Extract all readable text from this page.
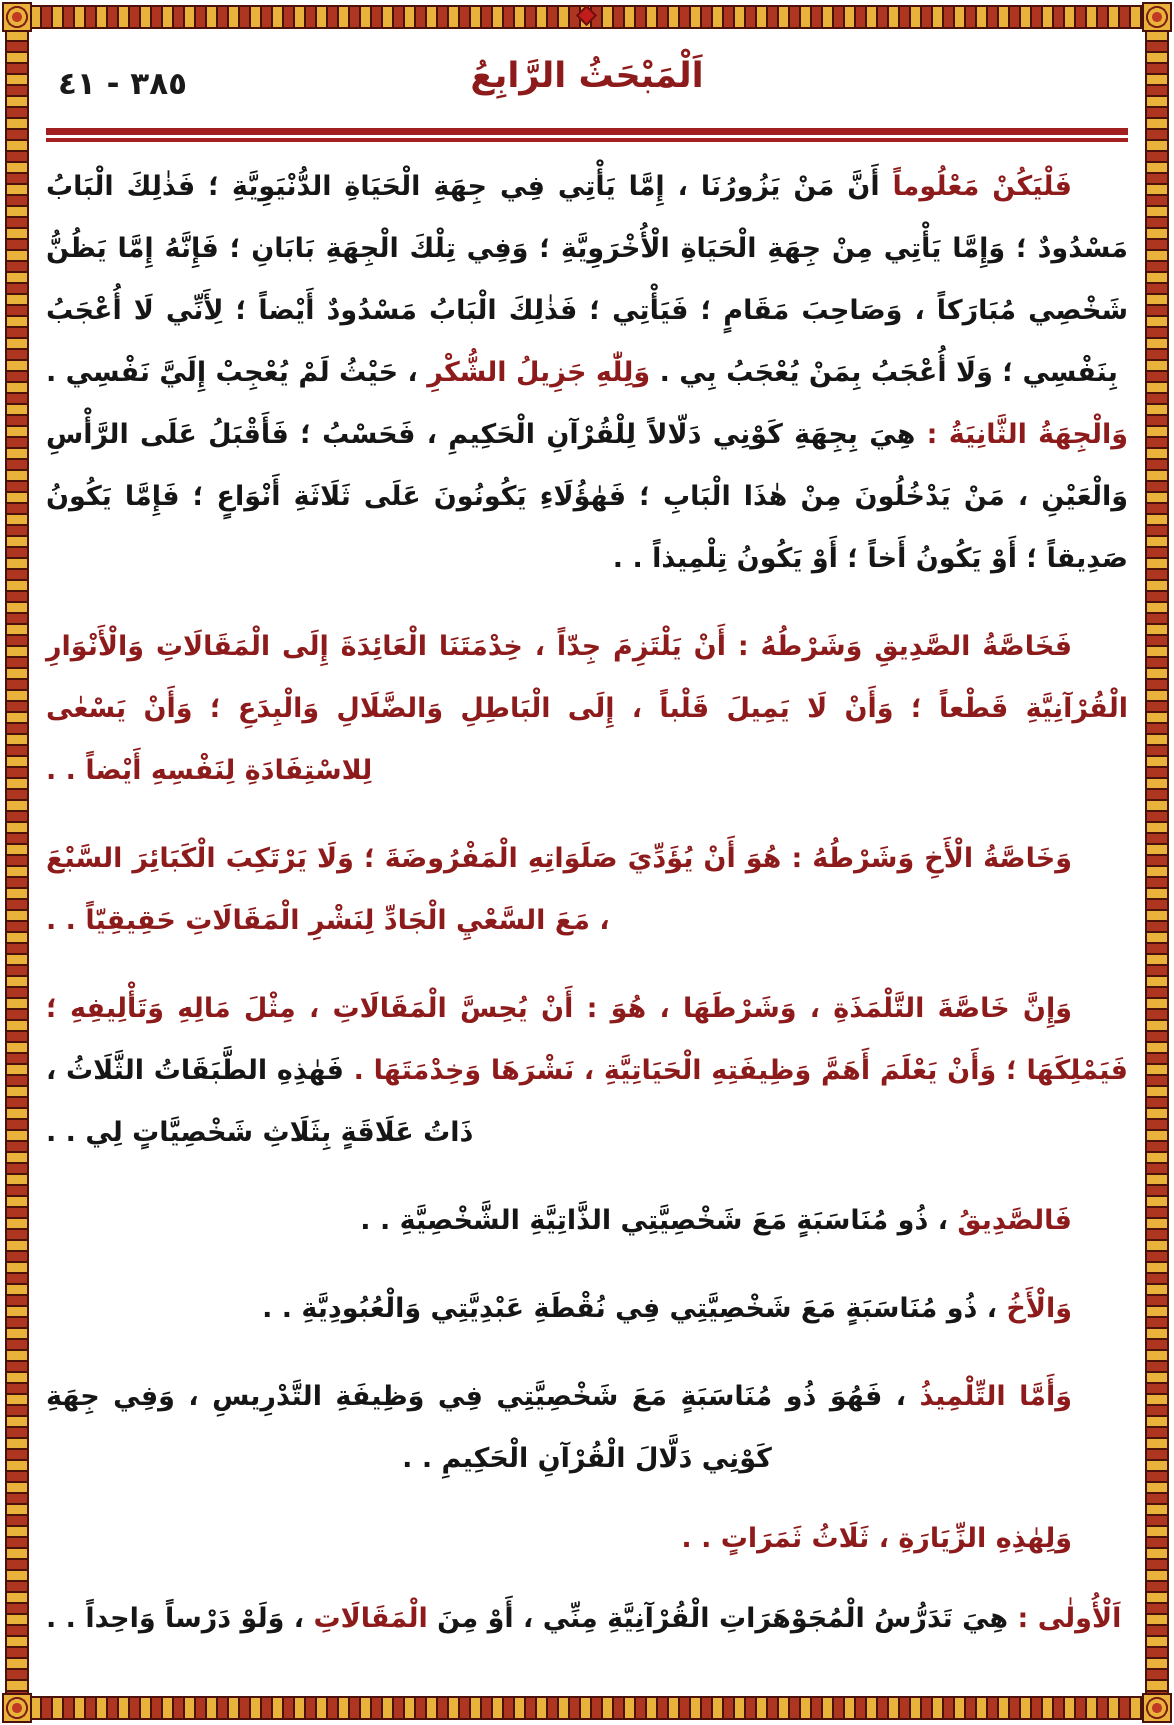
٣٨٥ - ٤١	اَلْمَبْحَثُ الرَّابِعُ

فَلْيَكُنْ مَعْلُوماً أَنَّ مَنْ يَزُورُنَا ، إِمَّا يَأْتِي فِي جِهَةِ الْحَيَاةِ الدُّنْيَوِيَّةِ ؛ فَذٰلِكَ الْبَابُ مَسْدُودٌ ؛ وَإِمَّا يَأْتِي مِنْ جِهَةِ الْحَيَاةِ الْأُخْرَوِيَّةِ ؛ وَفِي تِلْكَ الْجِهَةِ بَابَانِ ؛ فَإِنَّهُ إِمَّا يَظُنُّ شَخْصِي مُبَارَكاً ، وَصَاحِبَ مَقَامٍ ؛ فَيَأْتِي ؛ فَذٰلِكَ الْبَابُ مَسْدُودٌ أَيْضاً ؛ لِأَنِّي لَا أُعْجَبُ بِنَفْسِي ؛ وَلَا أُعْجَبُ بِمَنْ يُعْجَبُ بِي . وَلِلّٰهِ جَزِيلُ الشُّكْرِ ، حَيْثُ لَمْ يُعْجِبْ إِلَيَّ نَفْسِي .

وَالْجِهَةُ الثَّانِيَةُ : هِيَ بِجِهَةِ كَوْنِي دَلّالاً لِلْقُرْآنِ الْحَكِيمِ ، فَحَسْبُ ؛ فَأَقْبَلُ عَلَى الرَّأْسِ وَالْعَيْنِ ، مَنْ يَدْخُلُونَ مِنْ هٰذَا الْبَابِ ؛ فَهٰؤُلَاءِ يَكُونُونَ عَلَى ثَلَاثَةِ أَنْوَاعٍ ؛ فَإِمَّا يَكُونُ صَدِيقاً ؛ أَوْ يَكُونُ أَخاً ؛ أَوْ يَكُونُ تِلْمِيذاً . .

فَخَاصَّةُ الصَّدِيقِ وَشَرْطُهُ : أَنْ يَلْتَزِمَ جِدّاً ، خِدْمَتَنَا الْعَائِدَةَ إِلَى الْمَقَالَاتِ وَالْأَنْوَارِ الْقُرْآنِيَّةِ قَطْعاً ؛ وَأَنْ لَا يَمِيلَ قَلْباً ، إِلَى الْبَاطِلِ وَالضَّلَالِ وَالْبِدَعِ ؛ وَأَنْ يَسْعٰى لِلاسْتِفَادَةِ لِنَفْسِهِ أَيْضاً . .

وَخَاصَّةُ الْأَخِ وَشَرْطُهُ : هُوَ أَنْ يُؤَدِّيَ صَلَوَاتِهِ الْمَفْرُوضَةَ ؛ وَلَا يَرْتَكِبَ الْكَبَائِرَ السَّبْعَ ، مَعَ السَّعْيِ الْجَادِّ لِنَشْرِ الْمَقَالَاتِ حَقِيقِيّاً . .

وَإِنَّ خَاصَّةَ التَّلْمَذَةِ ، وَشَرْطَهَا ، هُوَ : أَنْ يُحِسَّ الْمَقَالَاتِ ، مِثْلَ مَالِهِ وَتَأْلِيفِهِ ؛ فَيَمْلِكَهَا ؛ وَأَنْ يَعْلَمَ أَهَمَّ وَظِيفَتِهِ الْحَيَاتِيَّةِ ، نَشْرَهَا وَخِدْمَتَهَا . فَهٰذِهِ الطَّبَقَاتُ الثَّلَاثُ ، ذَاتُ عَلَاقَةٍ بِثَلَاثِ شَخْصِيَّاتٍ لِي . .

فَالصَّدِيقُ ، ذُو مُنَاسَبَةٍ مَعَ شَخْصِيَّتِي الذَّاتِيَّةِ الشَّخْصِيَّةِ . .

وَالْأَخُ ، ذُو مُنَاسَبَةٍ مَعَ شَخْصِيَّتِي فِي نُقْطَةِ عَبْدِيَّتِي وَالْعُبُودِيَّةِ . .

وَأَمَّا التِّلْمِيذُ ، فَهُوَ ذُو مُنَاسَبَةٍ مَعَ شَخْصِيَّتِي فِي وَظِيفَةِ التَّدْرِيسِ ، وَفِي جِهَةِ كَوْنِي دَلَّالَ الْقُرْآنِ الْحَكِيمِ . .

وَلِهٰذِهِ الزِّيَارَةِ ، ثَلَاثُ ثَمَرَاتٍ . .

اَلْأُولٰى : هِيَ تَدَرُّسُ الْمُجَوْهَرَاتِ الْقُرْآنِيَّةِ مِنِّي ، أَوْ مِنَ الْمَقَالَاتِ ، وَلَوْ دَرْساً وَاحِداً . .
